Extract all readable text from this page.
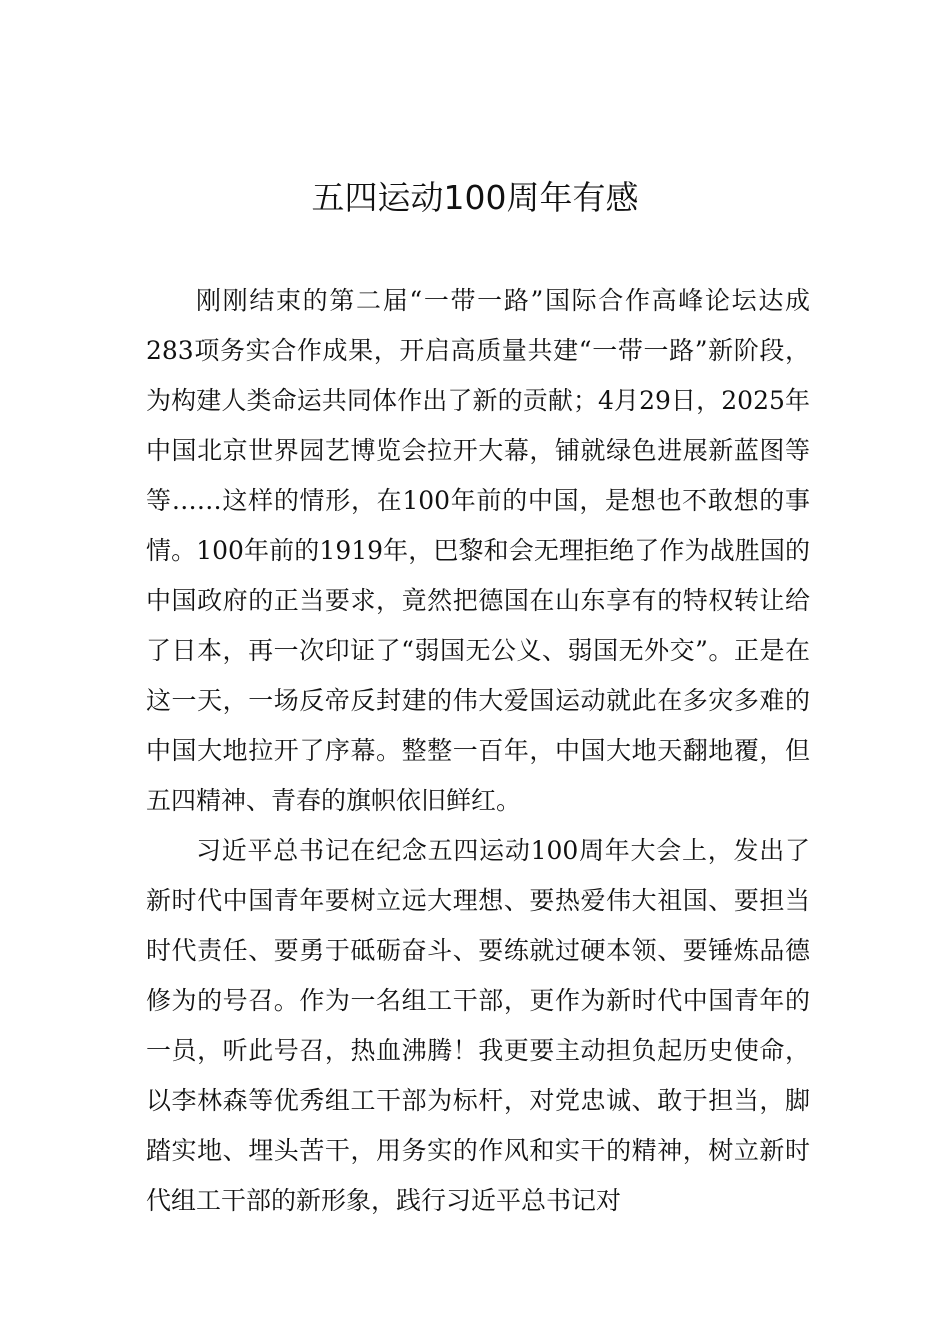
五四运动100周年有感

刚刚结束的第二届“一带一路”国际合作高峰论坛达成283项务实合作成果，开启高质量共建“一带一路”新阶段，为构建人类命运共同体作出了新的贡献；4月29日，2025年中国北京世界园艺博览会拉开大幕，铺就绿色进展新蓝图等等……这样的情形，在100年前的中国，是想也不敢想的事情。100年前的1919年，巴黎和会无理拒绝了作为战胜国的中国政府的正当要求，竟然把德国在山东享有的特权转让给了日本，再一次印证了“弱国无公义、弱国无外交”。正是在这一天，一场反帝反封建的伟大爱国运动就此在多灾多难的中国大地拉开了序幕。整整一百年，中国大地天翻地覆，但五四精神、青春的旗帜依旧鲜红。

习近平总书记在纪念五四运动100周年大会上，发出了新时代中国青年要树立远大理想、要热爱伟大祖国、要担当时代责任、要勇于砥砺奋斗、要练就过硬本领、要锤炼品德修为的号召。作为一名组工干部，更作为新时代中国青年的一员，听此号召，热血沸腾！我更要主动担负起历史使命，以李林森等优秀组工干部为标杆，对党忠诚、敢于担当，脚踏实地、埋头苦干，用务实的作风和实干的精神，树立新时代组工干部的新形象，践行习近平总书记对
